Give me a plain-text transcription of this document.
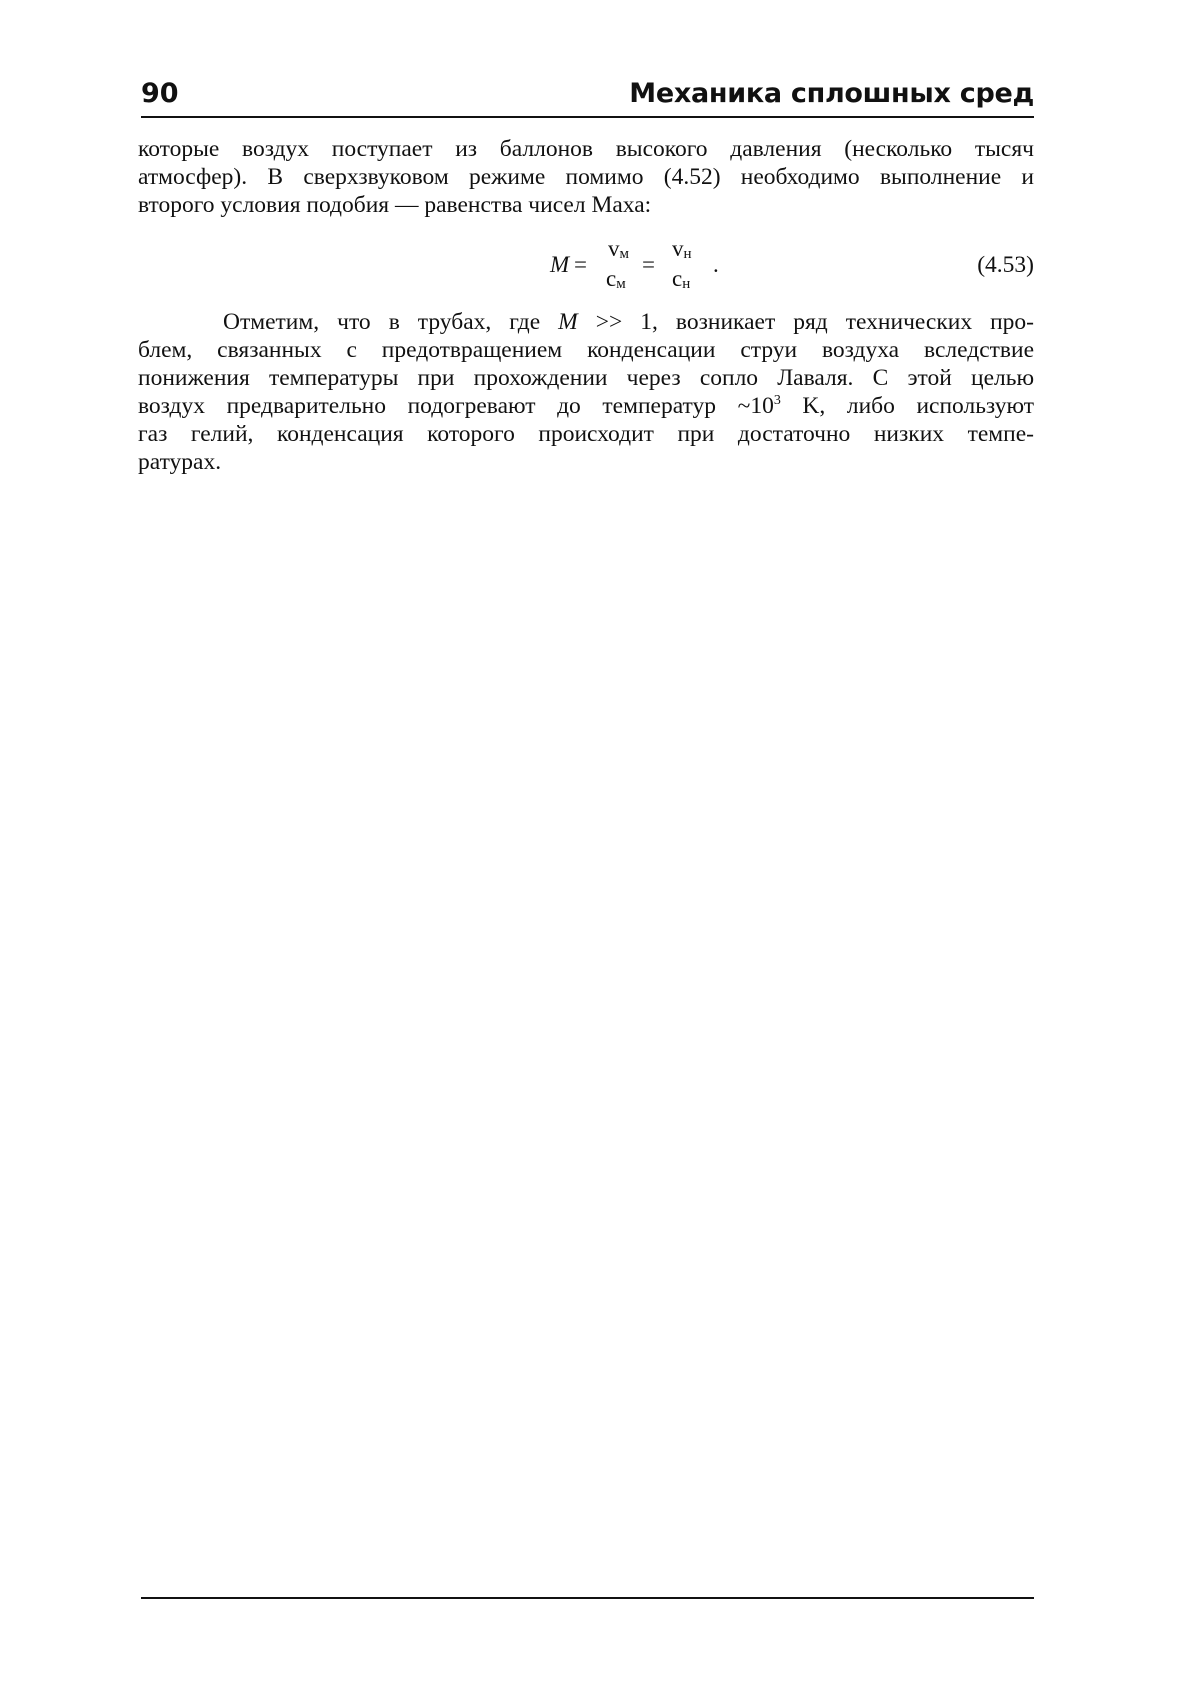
90	Механика сплошных сред
которые воздух поступает из баллонов высокого давления (несколько тысяч
атмосфер). В сверхзвуковом режиме помимо (4.52) необходимо выполнение и
второго условия подобия — равенства чисел Маха:
M =
vм
cм
=
vн
cн
.	(4.53)
Отметим, что в трубах, где M >> 1, возникает ряд технических про-
блем, связанных с предотвращением конденсации струи воздуха вследствие
понижения температуры при прохождении через сопло Лаваля. С этой целью
воздух предварительно подогревают до температур $\sim 10^3$ K, либо используют
газ гелий, конденсация которого происходит при достаточно низких темпе-
ратурах.
